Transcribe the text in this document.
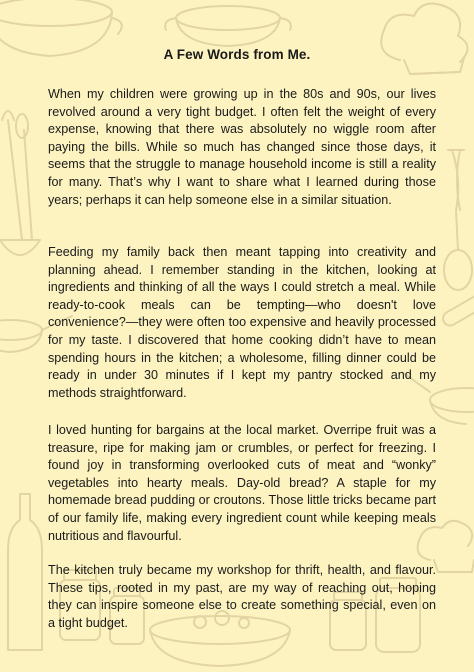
A Few Words from Me.

When my children were growing up in the 80s and 90s, our lives revolved around a very tight budget. I often felt the weight of every expense, knowing that there was absolutely no wiggle room after paying the bills. While so much has changed since those days, it seems that the struggle to manage household income is still a reality for many. That’s why I want to share what I learned during those years; perhaps it can help someone else in a similar situation.

Feeding my family back then meant tapping into creativity and planning ahead. I remember standing in the kitchen, looking at ingredients and thinking of all the ways I could stretch a meal. While ready-to-cook meals can be tempting—who doesn't love convenience?—they were often too expensive and heavily processed for my taste. I discovered that home cooking didn’t have to mean spending hours in the kitchen; a wholesome, filling dinner could be ready in under 30 minutes if I kept my pantry stocked and my methods straightforward.

I loved hunting for bargains at the local market. Overripe fruit was a treasure, ripe for making jam or crumbles, or perfect for freezing. I found joy in transforming overlooked cuts of meat and “wonky” vegetables into hearty meals. Day-old bread? A staple for my homemade bread pudding or croutons. Those little tricks became part of our family life, making every ingredient count while keeping meals nutritious and flavourful.

The kitchen truly became my workshop for thrift, health, and flavour. These tips, rooted in my past, are my way of reaching out, hoping they can inspire someone else to create something special, even on a tight budget.
